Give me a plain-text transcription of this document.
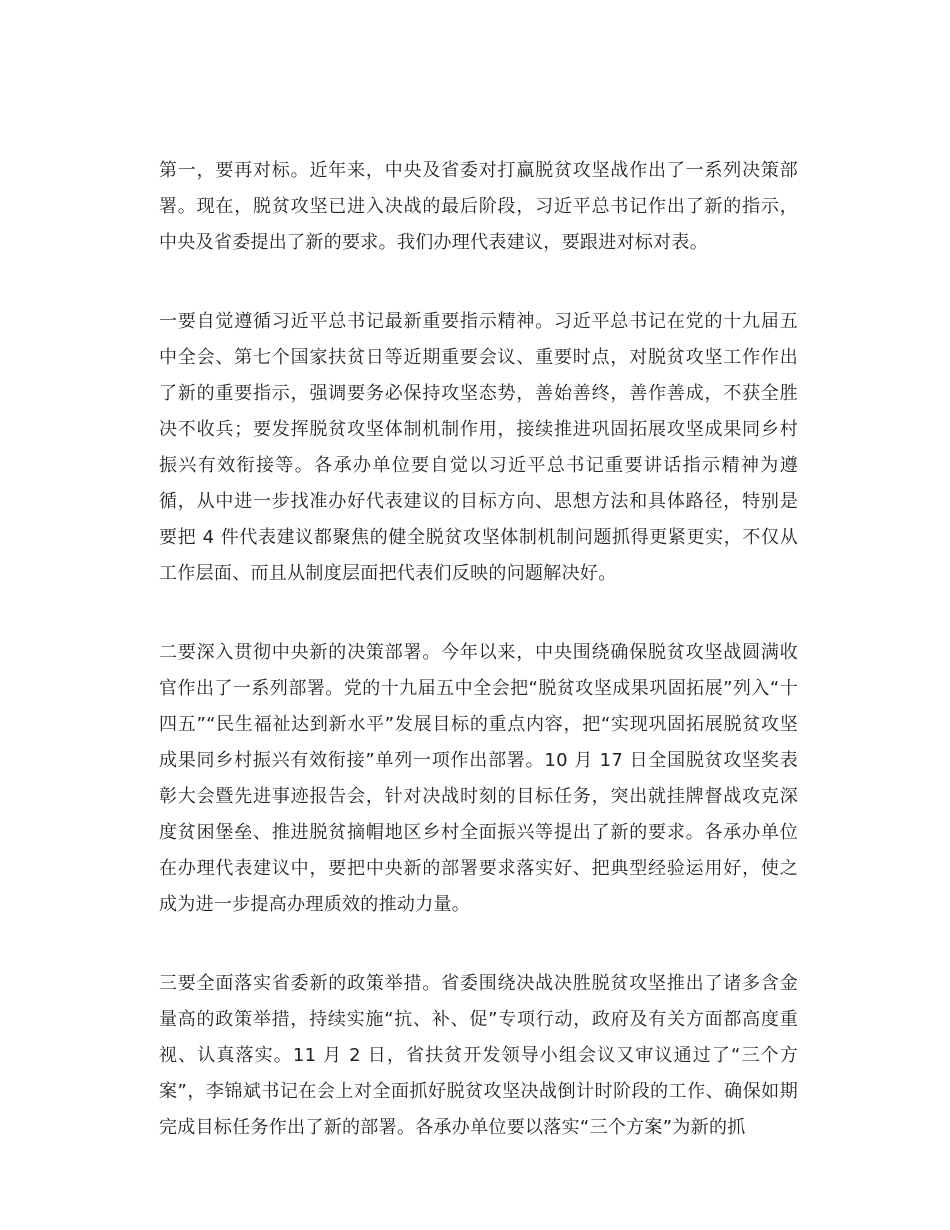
第一，要再对标。近年来，中央及省委对打赢脱贫攻坚战作出了一系列决策部署。现在，脱贫攻坚已进入决战的最后阶段，习近平总书记作出了新的指示，中央及省委提出了新的要求。我们办理代表建议，要跟进对标对表。

一要自觉遵循习近平总书记最新重要指示精神。习近平总书记在党的十九届五中全会、第七个国家扶贫日等近期重要会议、重要时点，对脱贫攻坚工作作出了新的重要指示，强调要务必保持攻坚态势，善始善终，善作善成，不获全胜决不收兵；要发挥脱贫攻坚体制机制作用，接续推进巩固拓展攻坚成果同乡村振兴有效衔接等。各承办单位要自觉以习近平总书记重要讲话指示精神为遵循，从中进一步找准办好代表建议的目标方向、思想方法和具体路径，特别是要把 4 件代表建议都聚焦的健全脱贫攻坚体制机制问题抓得更紧更实，不仅从工作层面、而且从制度层面把代表们反映的问题解决好。

二要深入贯彻中央新的决策部署。今年以来，中央围绕确保脱贫攻坚战圆满收官作出了一系列部署。党的十九届五中全会把“脱贫攻坚成果巩固拓展”列入“十四五”“民生福祉达到新水平”发展目标的重点内容，把“实现巩固拓展脱贫攻坚成果同乡村振兴有效衔接”单列一项作出部署。10 月 17 日全国脱贫攻坚奖表彰大会暨先进事迹报告会，针对决战时刻的目标任务，突出就挂牌督战攻克深度贫困堡垒、推进脱贫摘帽地区乡村全面振兴等提出了新的要求。各承办单位在办理代表建议中，要把中央新的部署要求落实好、把典型经验运用好，使之成为进一步提高办理质效的推动力量。

三要全面落实省委新的政策举措。省委围绕决战决胜脱贫攻坚推出了诸多含金量高的政策举措，持续实施“抗、补、促”专项行动，政府及有关方面都高度重视、认真落实。11 月 2 日，省扶贫开发领导小组会议又审议通过了“三个方案”，李锦斌书记在会上对全面抓好脱贫攻坚决战倒计时阶段的工作、确保如期完成目标任务作出了新的部署。各承办单位要以落实“三个方案”为新的抓
